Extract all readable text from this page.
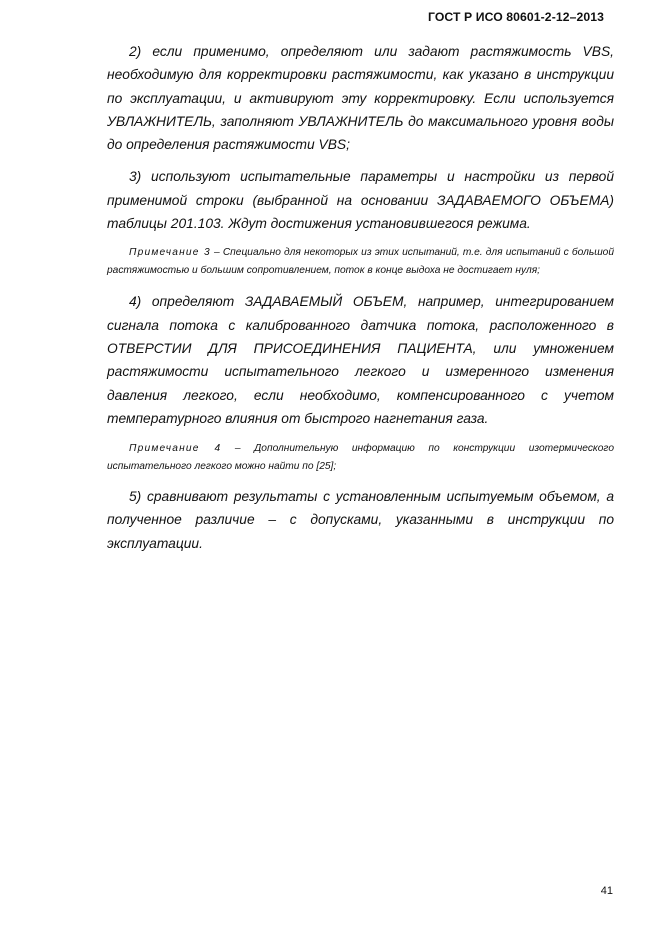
ГОСТ Р ИСО 80601-2-12–2013

2) если применимо, определяют или задают растяжимость VBS, необходимую для корректировки растяжимости, как указано в инструкции по эксплуатации, и активируют эту корректировку. Если используется УВЛАЖНИТЕЛЬ, заполняют УВЛАЖНИТЕЛЬ до максимального уровня воды до определения растяжимости VBS;

3) используют испытательные параметры и настройки из первой применимой строки (выбранной на основании ЗАДАВАЕМОГО ОБЪЕМА) таблицы 201.103. Ждут достижения установившегося режима.

Примечание 3 – Специально для некоторых из этих испытаний, т.е. для испытаний с большой растяжимостью и большим сопротивлением, поток в конце выдоха не достигает нуля;

4) определяют ЗАДАВАЕМЫЙ ОБЪЕМ, например, интегрированием сигнала потока с калиброванного датчика потока, расположенного в ОТВЕРСТИИ ДЛЯ ПРИСОЕДИНЕНИЯ ПАЦИЕНТА, или умножением растяжимости испытательного легкого и измеренного изменения давления легкого, если необходимо, компенсированного с учетом температурного влияния от быстрого нагнетания газа.

Примечание 4 – Дополнительную информацию по конструкции изотермического испытательного легкого можно найти по [25];

5) сравнивают результаты с установленным испытуемым объемом, а полученное различие – с допусками, указанными в инструкции по эксплуатации.

41
